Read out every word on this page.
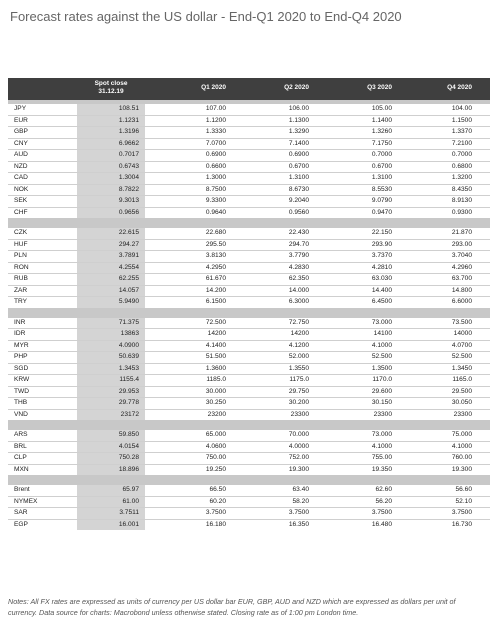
Forecast rates against the US dollar - End-Q1 2020 to End-Q4 2020
Spot close
31.12.19
Q1 2020	Q2 2020	Q3 2020	Q4 2020
JPY	108.51	107.00	106.00	105.00	104.00
EUR	1.1231	1.1200	1.1300	1.1400	1.1500
GBP	1.3196	1.3330	1.3290	1.3260	1.3370
CNY	6.9662	7.0700	7.1400	7.1750	7.2100
AUD	0.7017	0.6900	0.6900	0.7000	0.7000
NZD	0.6743	0.6600	0.6700	0.6700	0.6800
CAD	1.3004	1.3000	1.3100	1.3100	1.3200
NOK	8.7822	8.7500	8.6730	8.5530	8.4350
SEK	9.3013	9.3300	9.2040	9.0790	8.9130
CHF	0.9656	0.9640	0.9560	0.9470	0.9300
CZK	22.615	22.680	22.430	22.150	21.870
HUF	294.27	295.50	294.70	293.90	293.00
PLN	3.7891	3.8130	3.7790	3.7370	3.7040
RON	4.2554	4.2950	4.2830	4.2810	4.2960
RUB	62.255	61.670	62.350	63.030	63.700
ZAR	14.057	14.200	14.000	14.400	14.800
TRY	5.9490	6.1500	6.3000	6.4500	6.6000
INR	71.375	72.500	72.750	73.000	73.500
IDR	13863	14200	14200	14100	14000
MYR	4.0900	4.1400	4.1200	4.1000	4.0700
PHP	50.639	51.500	52.000	52.500	52.500
SGD	1.3453	1.3600	1.3550	1.3500	1.3450
KRW	1155.4	1185.0	1175.0	1170.0	1165.0
TWD	29.953	30.000	29.750	29.600	29.500
THB	29.778	30.250	30.200	30.150	30.050
VND	23172	23200	23300	23300	23300
ARS	59.850	65.000	70.000	73.000	75.000
BRL	4.0154	4.0600	4.0000	4.1000	4.1000
CLP	750.28	750.00	752.00	755.00	760.00
MXN	18.896	19.250	19.300	19.350	19.300
Brent	65.97	66.50	63.40	62.60	56.60
NYMEX	61.00	60.20	58.20	56.20	52.10
SAR	3.7511	3.7500	3.7500	3.7500	3.7500
EGP	16.001	16.180	16.350	16.480	16.730
Notes: All FX rates are expressed as units of currency per US dollar bar EUR, GBP, AUD and NZD which are expressed as dollars per unit of currency. Data source for charts: Macrobond unless otherwise stated. Closing rate as of 1:00 pm London time.
